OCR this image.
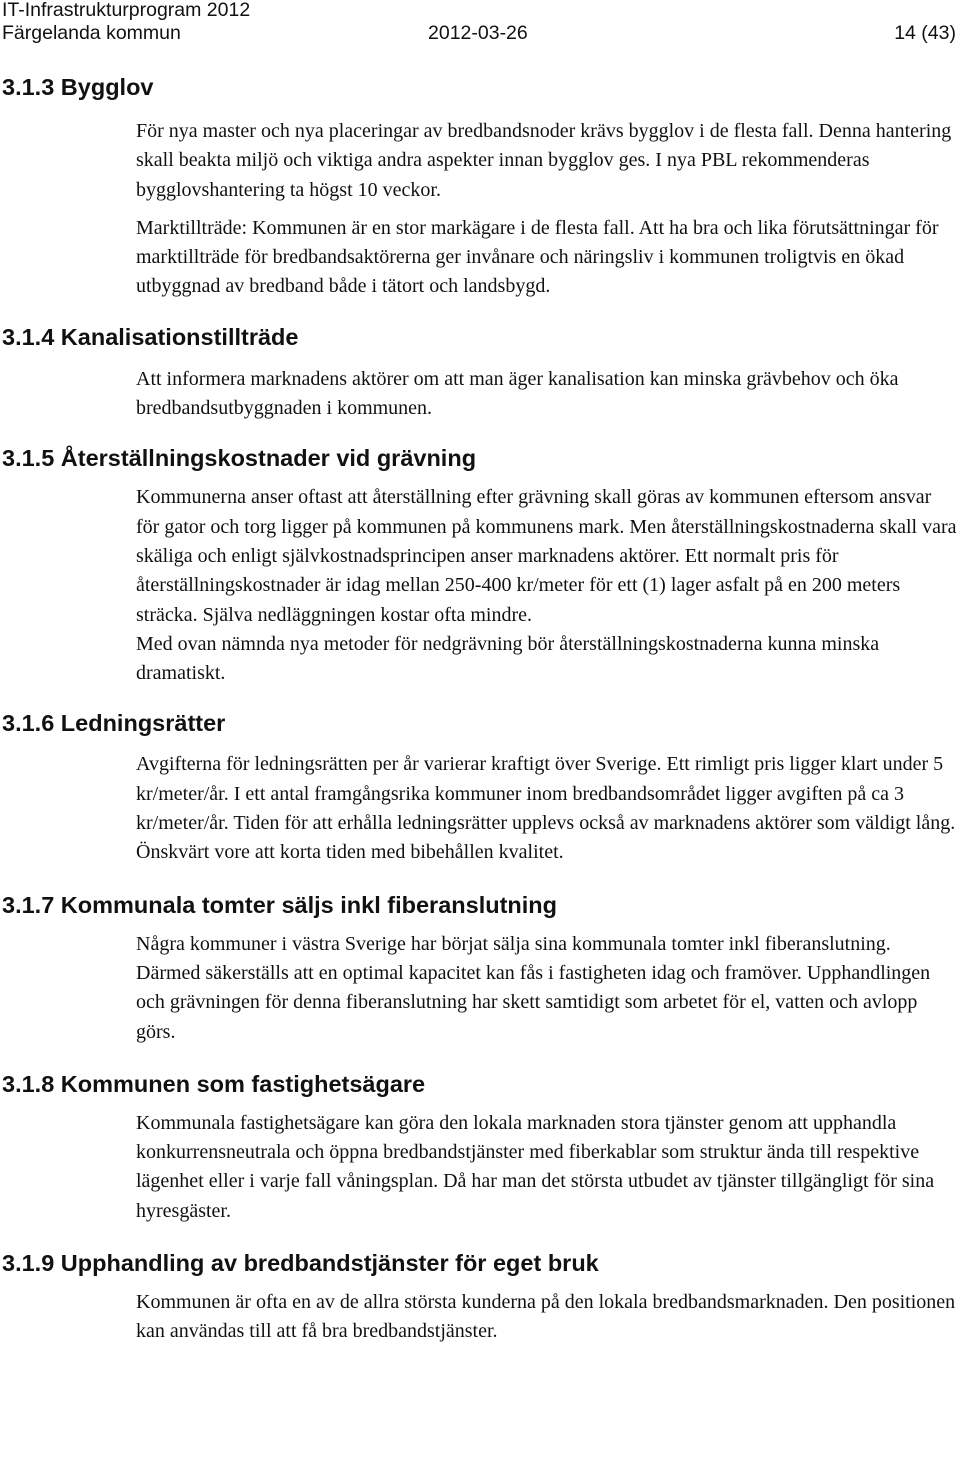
IT-Infrastrukturprogram 2012
Färgelanda kommun	2012-03-26	14 (43)
3.1.3 Bygglov

För nya master och nya placeringar av bredbandsnoder krävs bygglov i de flesta fall. Denna hantering skall beakta miljö och viktiga andra aspekter innan bygglov ges. I nya PBL rekommenderas bygglovshantering ta högst 10 veckor.

Marktillträde: Kommunen är en stor markägare i de flesta fall. Att ha bra och lika förutsättningar för marktillträde för bredbandsaktörerna ger invånare och näringsliv i kommunen troligtvis en ökad utbyggnad av bredband både i tätort och landsbygd.

3.1.4 Kanalisationstillträde

Att informera marknadens aktörer om att man äger kanalisation kan minska grävbehov och öka bredbandsutbyggnaden i kommunen.

3.1.5 Återställningskostnader vid grävning

Kommunerna anser oftast att återställning efter grävning skall göras av kommunen eftersom ansvar för gator och torg ligger på kommunen på kommunens mark. Men återställningskostnaderna skall vara skäliga och enligt självkostnadsprincipen anser marknadens aktörer. Ett normalt pris för återställningskostnader är idag mellan 250-400 kr/meter för ett (1) lager asfalt på en 200 meters sträcka. Själva nedläggningen kostar ofta mindre.

Med ovan nämnda nya metoder för nedgrävning bör återställningskostnaderna kunna minska dramatiskt.

3.1.6 Ledningsrätter

Avgifterna för ledningsrätten per år varierar kraftigt över Sverige. Ett rimligt pris ligger klart under 5 kr/meter/år. I ett antal framgångsrika kommuner inom bredbandsområdet ligger avgiften på ca 3 kr/meter/år. Tiden för att erhålla ledningsrätter upplevs också av marknadens aktörer som väldigt lång.

Önskvärt vore att korta tiden med bibehållen kvalitet.

3.1.7 Kommunala tomter säljs inkl fiberanslutning

Några kommuner i västra Sverige har börjat sälja sina kommunala tomter inkl fiberanslutning. Därmed säkerställs att en optimal kapacitet kan fås i fastigheten idag och framöver. Upphandlingen och grävningen för denna fiberanslutning har skett samtidigt som arbetet för el, vatten och avlopp görs.

3.1.8 Kommunen som fastighetsägare

Kommunala fastighetsägare kan göra den lokala marknaden stora tjänster genom att upphandla konkurrensneutrala och öppna bredbandstjänster med fiberkablar som struktur ända till respektive lägenhet eller i varje fall våningsplan. Då har man det största utbudet av tjänster tillgängligt för sina hyresgäster.

3.1.9 Upphandling av bredbandstjänster för eget bruk

Kommunen är ofta en av de allra största kunderna på den lokala bredbandsmarknaden. Den positionen kan användas till att få bra bredbandstjänster.
